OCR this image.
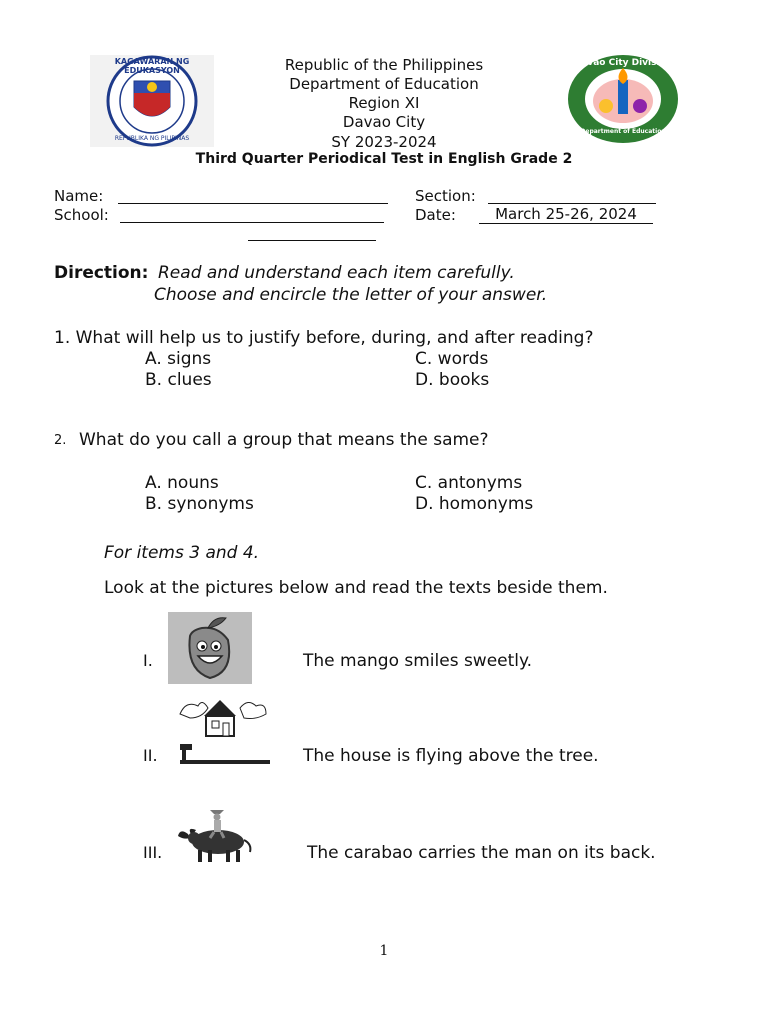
KAGAWARAN NG EDUKASYON
REPUBLIKA NG PILIPINAS
Davao City Division
Department of Education
Republic of the Philippines
Department of Education
Region XI
Davao City
SY 2023-2024
Third Quarter Periodical Test in English Grade 2
Name:	Section:
School:	Date:	March 25-26, 2024
Direction: Read and understand each item carefully.
Choose and encircle the letter of your answer.
1. What will help us to justify before, during, and after reading?
A. signs
B. clues
C. words
D. books
2. What do you call a group that means the same?
A. nouns
B. synonyms
C. antonyms
D. homonyms
For items 3 and 4.
Look at the pictures below and read the texts beside them.
I.	The mango smiles sweetly.
II.	The house is flying above the tree.
III.	The carabao carries the man on its back.
1
